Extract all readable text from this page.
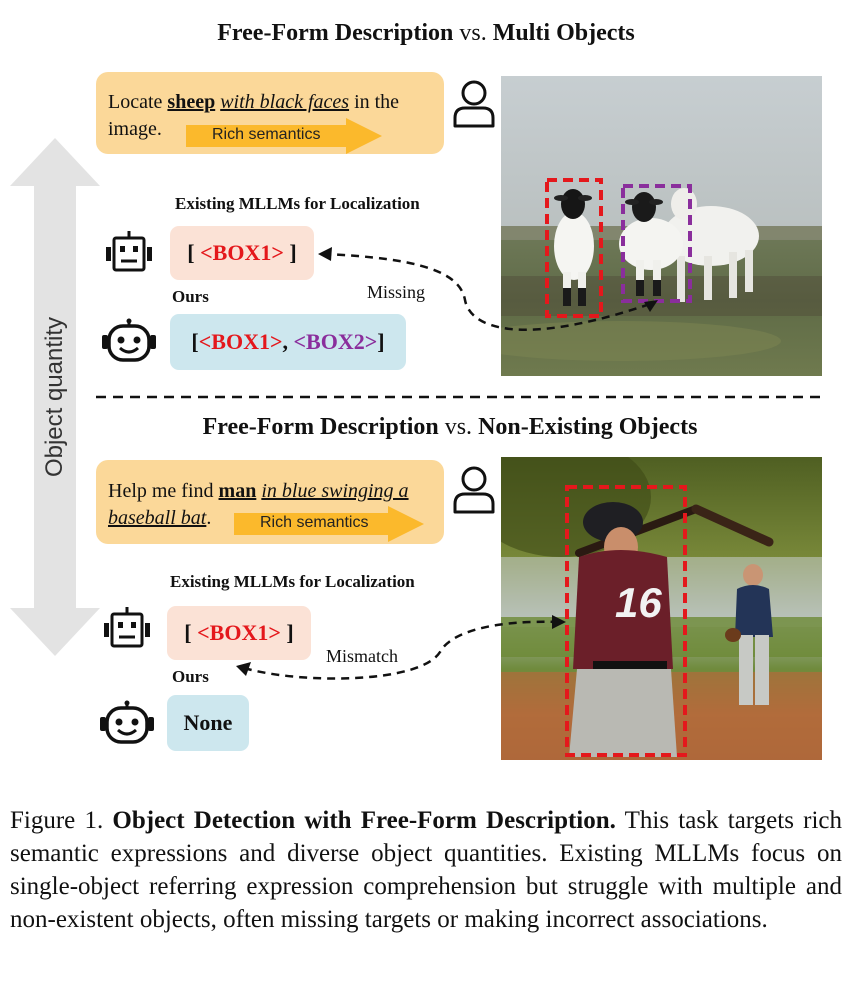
Object quantity
Free-Form Description vs. Multi Objects
Locate sheep with black faces in the
image.	Rich semantics
Existing MLLMs for Localization
[
<BOX1>
]
Ours
[ <BOX1> ,
<BOX2> ]
Missing
Free-Form Description vs. Non-Existing Objects
Help me find man in blue swinging a
baseball bat.	Rich semantics
Existing MLLMs for Localization
[
<BOX1>
]
Ours
None
Mismatch
16
Figure 1. Object Detection with Free-Form Description. This task targets rich semantic expressions and diverse object quantities. Existing MLLMs focus on single-object referring expression comprehension but struggle with multiple and non-existent objects, often missing targets or making incorrect associations.
